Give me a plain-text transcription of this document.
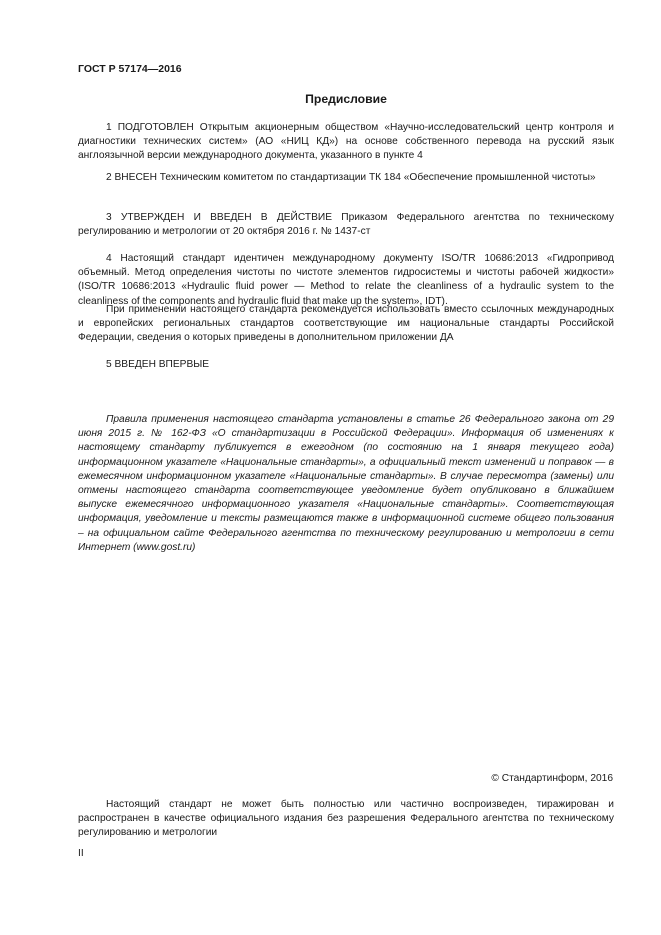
ГОСТ Р 57174—2016
Предисловие

1 ПОДГОТОВЛЕН Открытым акционерным обществом «Научно-исследовательский центр контроля и диагностики технических систем» (АО «НИЦ КД») на основе собственного перевода на русский язык англоязычной версии международного документа, указанного в пункте 4

2 ВНЕСЕН Техническим комитетом по стандартизации ТК 184 «Обеспечение промышленной чистоты»

3 УТВЕРЖДЕН И ВВЕДЕН В ДЕЙСТВИЕ Приказом Федерального агентства по техническому регулированию и метрологии от 20 октября 2016 г. № 1437-ст

4 Настоящий стандарт идентичен международному документу ISO/TR 10686:2013 «Гидропривод объемный. Метод определения чистоты по чистоте элементов гидросистемы и чистоты рабочей жидкости» (ISO/TR 10686:2013 «Hydraulic fluid power — Method to relate the cleanliness of a hydraulic system to the cleanliness of the components and hydraulic fluid that make up the system», IDT).

При применении настоящего стандарта рекомендуется использовать вместо ссылочных международных и европейских региональных стандартов соответствующие им национальные стандарты Российской Федерации, сведения о которых приведены в дополнительном приложении ДА

5 ВВЕДЕН ВПЕРВЫЕ

Правила применения настоящего стандарта установлены в статье 26 Федерального закона от 29 июня 2015 г. № 162-ФЗ «О стандартизации в Российской Федерации». Информация об изменениях к настоящему стандарту публикуется в ежегодном (по состоянию на 1 января текущего года) информационном указателе «Национальные стандарты», а официальный текст изменений и поправок — в ежемесячном информационном указателе «Национальные стандарты». В случае пересмотра (замены) или отмены настоящего стандарта соответствующее уведомление будет опубликовано в ближайшем выпуске ежемесячного информационного указателя «Национальные стандарты». Соответствующая информация, уведомление и тексты размещаются также в информационной системе общего пользования – на официальном сайте Федерального агентства по техническому регулированию и метрологии в сети Интернет (www.gost.ru)

© Стандартинформ, 2016

Настоящий стандарт не может быть полностью или частично воспроизведен, тиражирован и распространен в качестве официального издания без разрешения Федерального агентства по техническому регулированию и метрологии

II
